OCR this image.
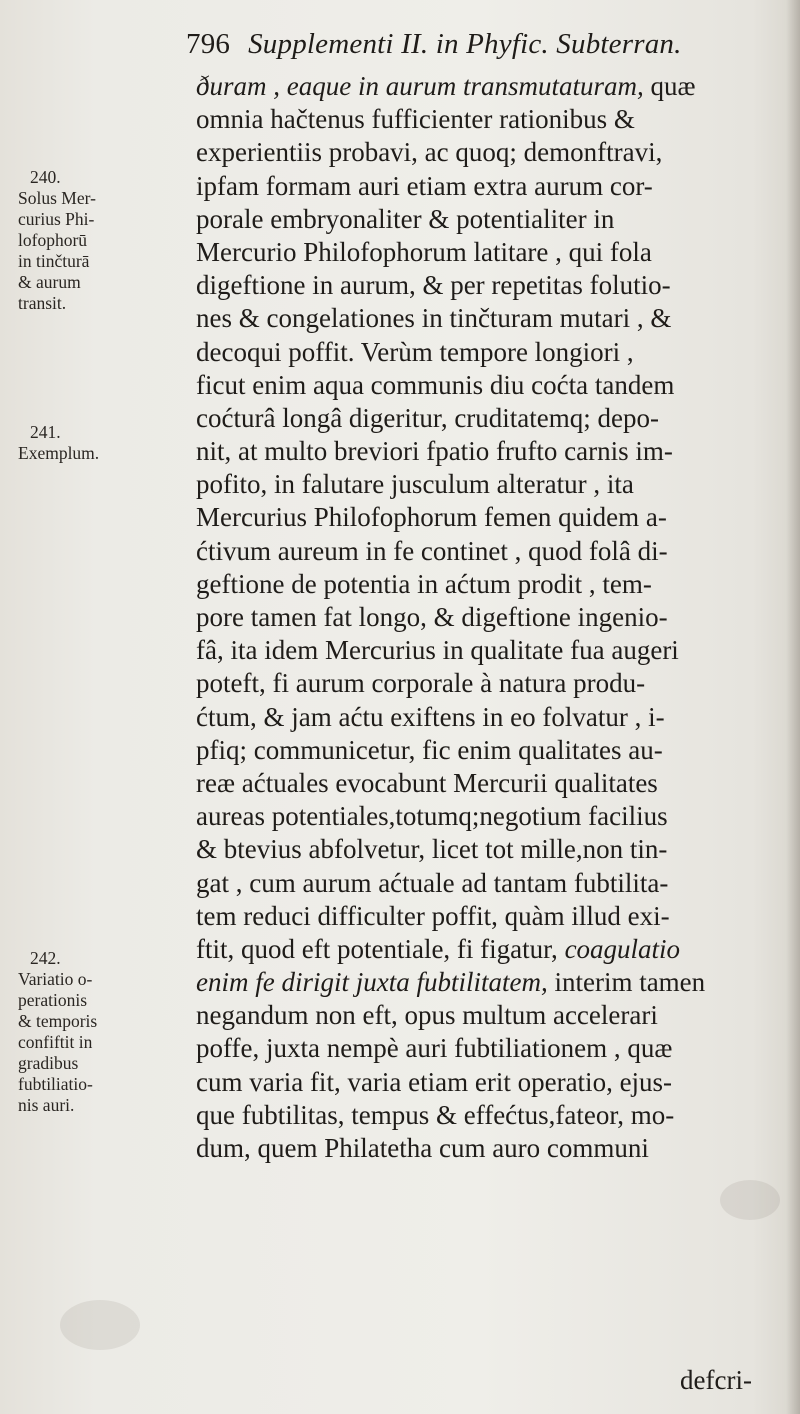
796 Supplementi II. in Phyfic. Subterran.
ðuram , eaque in aurum transmutaturam, quæ
omnia hačtenus fufficienter rationibus &
experientiis probavi, ac quoq; demonftravi,
ipfam formam auri etiam extra aurum cor-
porale embryonaliter & potentialiter in
Mercurio Philofophorum latitare , qui fola
digeftione in aurum, & per repetitas folutio-
nes & congelationes in tinčturam mutari , &
decoqui poffit. Verùm tempore longiori ,
ficut enim aqua communis diu coćta tandem
coćturâ longâ digeritur, cruditatemq; depo-
nit, at multo breviori fpatio frufto carnis im-
pofito, in falutare jusculum alteratur , ita
Mercurius Philofophorum femen quidem a-
ćtivum aureum in fe continet , quod folâ di-
geftione de potentia in aćtum prodit , tem-
pore tamen fat longo, & digeftione ingenio-
fâ, ita idem Mercurius in qualitate fua augeri
poteft, fi aurum corporale à natura produ-
ćtum, & jam aćtu exiftens in eo folvatur , i-
pfiq; communicetur, fic enim qualitates au-
reæ aćtuales evocabunt Mercurii qualitates
aureas potentiales,totumq;negotium facilius
& btevius abfolvetur, licet tot mille,non tin-
gat , cum aurum aćtuale ad tantam fubtilita-
tem reduci difficulter poffit, quàm illud exi-
ftit, quod eft potentiale, fi figatur, coagulatio
enim fe dirigit juxta fubtilitatem, interim tamen
negandum non eft, opus multum accelerari
poffe, juxta nempè auri fubtiliationem , quæ
cum varia fit, varia etiam erit operatio, ejus-
que fubtilitas, tempus & effećtus,fateor, mo-
dum, quem Philatetha cum auro communi
240.
Solus Mer-
curius Phi-
lofophorū
in tinčturā
& aurum
transit.
241.
Exemplum.
242.
Variatio o-
perationis
& temporis
confiftit in
gradibus
fubtiliatio-
nis auri.
defcri-
